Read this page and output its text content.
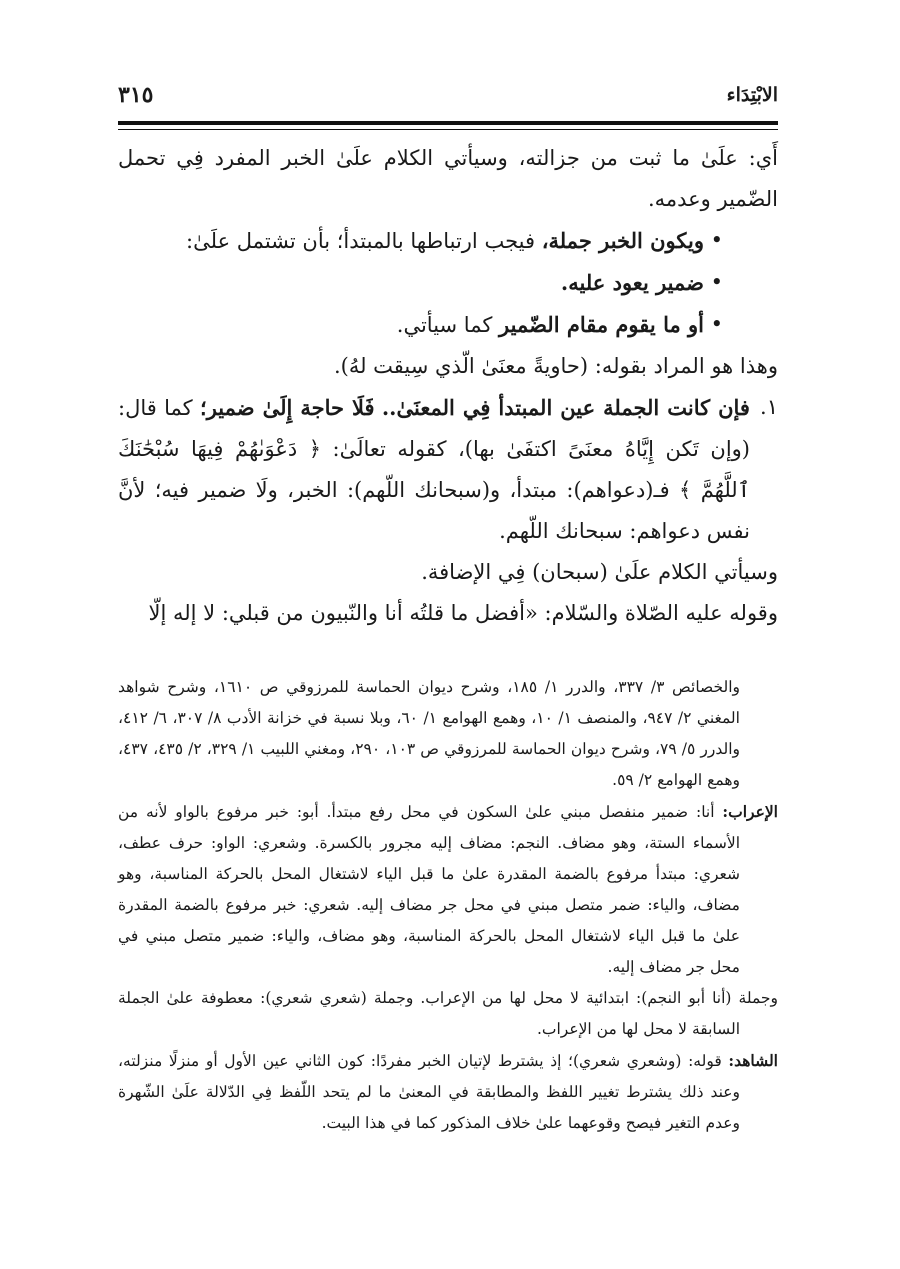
٣١٥	الابْتِدَاء

أَي: علَىٰ ما ثبت من جزالته، وسيأتي الكلام علَىٰ الخبر المفرد فِي تحمل الضّمير وعدمه.

•
ويكون الخبر جملة، فيجب ارتباطها بالمبتدأ؛ بأن تشتمل علَىٰ:

•
ضمير يعود عليه.

•
أو ما يقوم مقام الضّمير كما سيأتي.

وهذا هو المراد بقوله: (حاويةً معنَىٰ الّذي سِيقت لهُ).

١.
فإن كانت الجملة عين المبتدأ فِي المعنَىٰ.. فَلَا حاجة إِلَىٰ ضمير؛ كما قال: (وإن تَكن إِيَّاهُ معنَىً اكتفَىٰ بها)، كقوله تعالَىٰ: ﴿ دَعْوَىٰهُمْ فِيهَا سُبْحَٰنَكَ ٱللَّهُمَّ ﴾ فـ(دعواهم): مبتدأ، و(سبحانك اللّهم): الخبر، ولَا ضمير فيه؛ لأنَّ نفس دعواهم: سبحانك اللّهم.

وسيأتي الكلام علَىٰ (سبحان) فِي الإضافة.

وقوله عليه الصّلاة والسّلام: «أفضل ما قلتُه أنا والنّبيون من قبلي: لا إله إلّا

والخصائص ٣/ ٣٣٧، والدرر ١/ ١٨٥، وشرح ديوان الحماسة للمرزوقي ص ١٦١٠، وشرح شواهد المغني ٢/ ٩٤٧، والمنصف ١/ ١٠، وهمع الهوامع ١/ ٦٠، وبلا نسبة في خزانة الأدب ٨/ ٣٠٧، ٦/ ٤١٢، والدرر ٥/ ٧٩، وشرح ديوان الحماسة للمرزوقي ص ١٠٣، ٢٩٠، ومغني اللبيب ١/ ٣٢٩، ٢/ ٤٣٥، ٤٣٧، وهمع الهوامع ٢/ ٥٩.

الإعراب: أنا: ضمير منفصل مبني علىٰ السكون في محل رفع مبتدأ. أبو: خبر مرفوع بالواو لأنه من الأسماء الستة، وهو مضاف. النجم: مضاف إليه مجرور بالكسرة. وشعري: الواو: حرف عطف، شعري: مبتدأ مرفوع بالضمة المقدرة علىٰ ما قبل الياء لاشتغال المحل بالحركة المناسبة، وهو مضاف، والياء: ضمر متصل مبني في محل جر مضاف إليه. شعري: خبر مرفوع بالضمة المقدرة علىٰ ما قبل الياء لاشتغال المحل بالحركة المناسبة، وهو مضاف، والياء: ضمير متصل مبني في محل جر مضاف إليه.

وجملة (أنا أبو النجم): ابتدائية لا محل لها من الإعراب. وجملة (شعري شعري): معطوفة علىٰ الجملة السابقة لا محل لها من الإعراب.

الشاهد: قوله: (وشعري شعري)؛ إذ يشترط لإتيان الخبر مفردًا: كون الثاني عين الأول أو منزلًا منزلته، وعند ذلك يشترط تغيير اللفظ والمطابقة في المعنىٰ ما لم يتحد اللّفظ فِي الدّلالة علَىٰ الشّهرة وعدم التغير فيصح وقوعهما علىٰ خلاف المذكور كما في هذا البيت.
